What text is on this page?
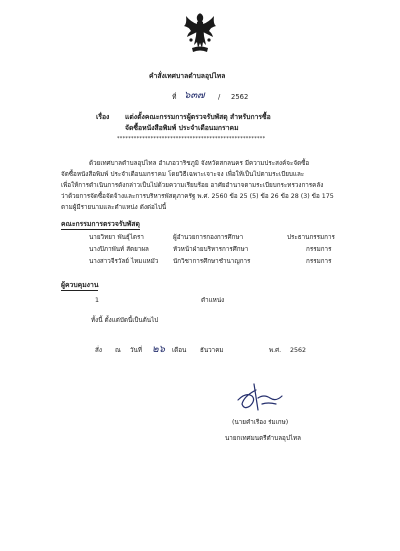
คำสั่งเทศบาลตำบลอุปไทล
ที่ ๖๓๗ / 2562
เรื่อง แต่งตั้งคณะกรรมการผู้ตรวจรับพัสดุ สำหรับการซื้อ
จัดซื้อหนังสือพิมพ์ ประจำเดือนมกราคม
*****************************************************
ด้วยเทศบาลตำบลอุปไทล อำเภอวาริชภูมิ จังหวัดสกลนคร มีความประสงค์จะจัดซื้อ
จัดซื้อหนังสือพิมพ์ ประจำเดือนมกราคม โดยวิธีเฉพาะเจาะจง เพื่อให้เป็นไปตามระเบียบและ
เพื่อให้การดำเนินการดังกล่าวเป็นไปด้วยความเรียบร้อย อาศัยอำนาจตามระเบียบกระทรวงการคลัง
ว่าด้วยการจัดซื้อจัดจ้างและการบริหารพัสดุภาครัฐ พ.ศ. 2560 ข้อ 25 (5) ข้อ 26 ข้อ 28 (3) ข้อ 175
ตามผู้มีรายนามและตำแหน่ง ดังต่อไปนี้
คณะกรรมการตรวจรับพัสดุ
นายวิทยา พันธุ์ไตรา	ผู้อำนวยการกองการศึกษา	ประธานกรรมการ
นางปิภาพันท์ สัตยาผล	หัวหน้าฝ่ายบริหารการศึกษา	กรรมการ
นางสาวจีรวัลย์ ไหมแหมัว นักวิชาการศึกษาชำนาญการ	กรรมการ
ผู้ควบคุมงาน
1	ตำแหน่ง
ทั้งนี้ ตั้งแต่บัดนี้เป็นต้นไป
สั่ง ณ วันที่ ๒๖ เดือน ธันวาคม	พ.ศ. 2562
(นายคำเรือง ร่มเกษ)
นายกเทศมนตรีตำบลอุปไทล
